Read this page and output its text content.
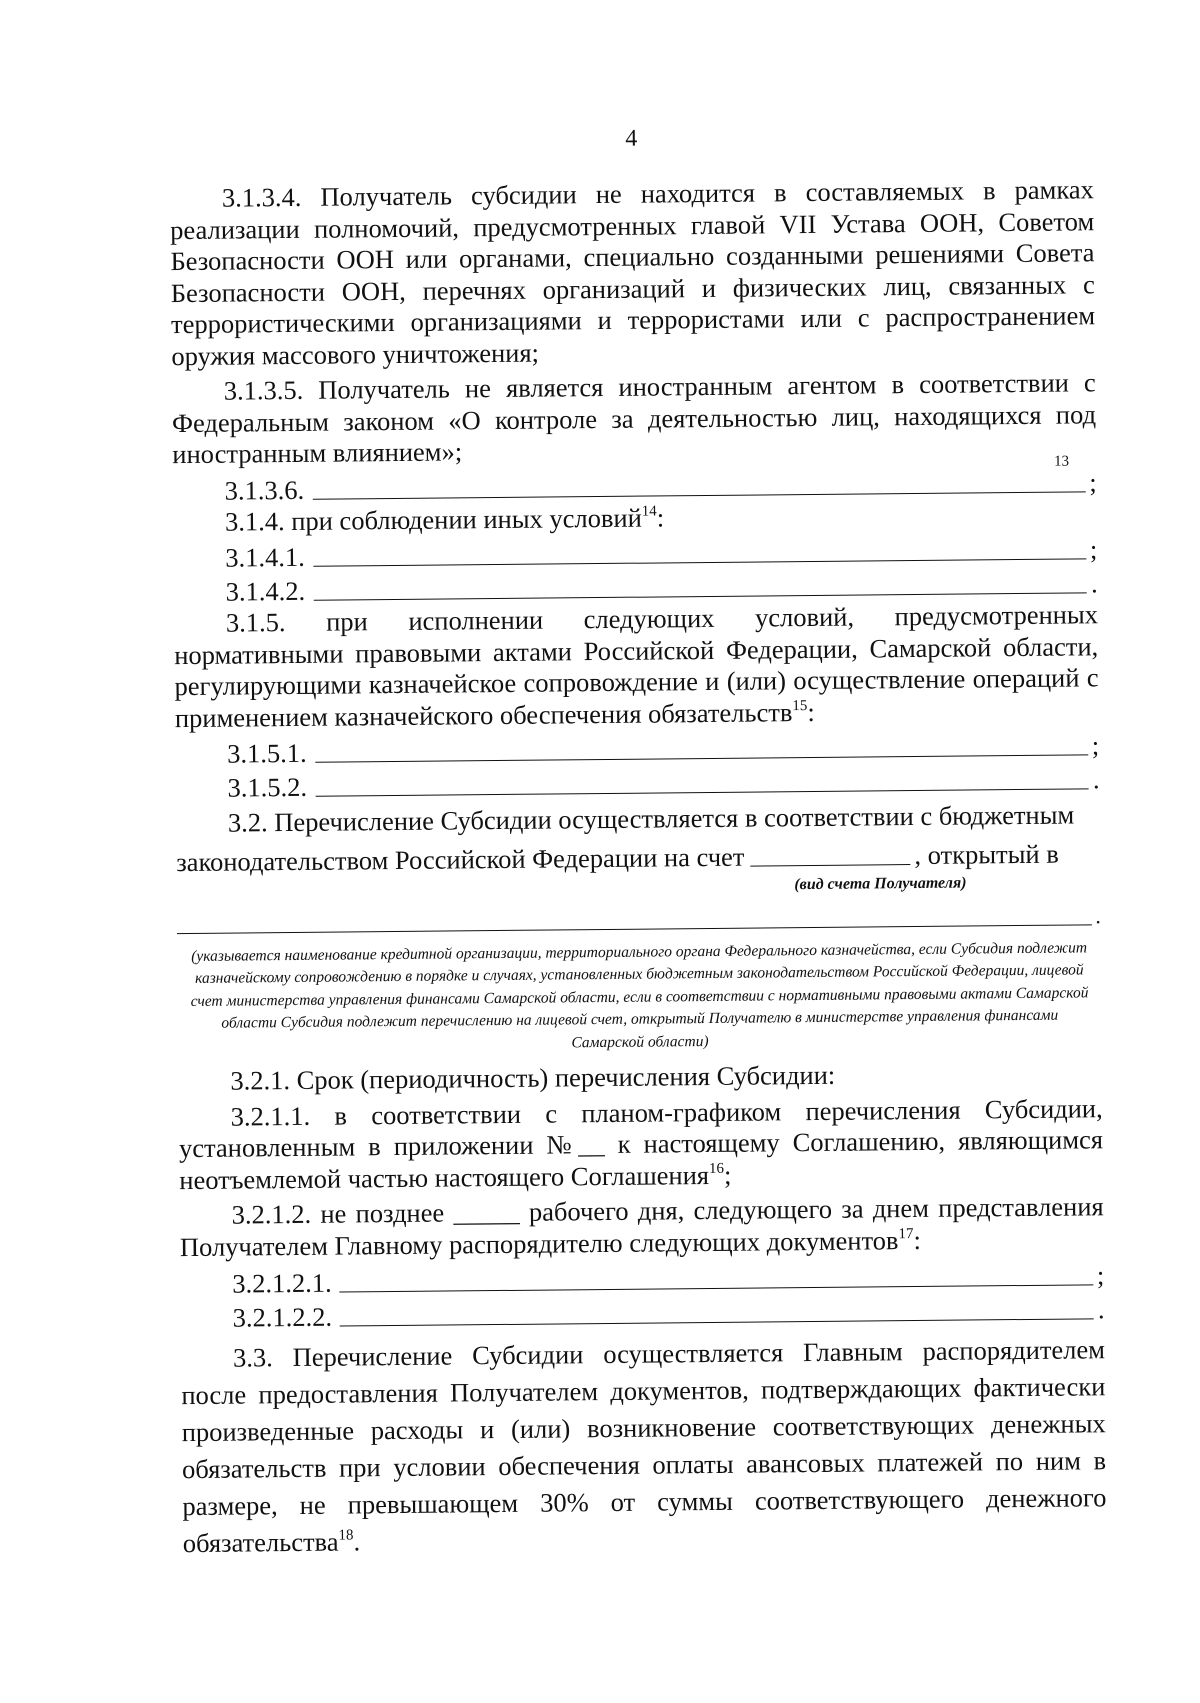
4

3.1.3.4. Получатель субсидии не находится в составляемых в рамках реализации полномочий, предусмотренных главой VII Устава ООН, Советом Безопасности ООН или органами, специально созданными решениями Совета Безопасности ООН, перечнях организаций и физических лиц, связанных с террористическими организациями и террористами или с распространением оружия массового уничтожения;

3.1.3.5. Получатель не является иностранным агентом в соответствии с Федеральным законом «О контроле за деятельностью лиц, находящихся под иностранным влиянием»;

3.1.3.6.
13
;

3.1.4. при соблюдении иных условий$^{14}$:

3.1.4.1.	;
3.1.4.2.	.

3.1.5. при исполнении следующих условий, предусмотренных нормативными правовыми актами Российской Федерации, Самарской области, регулирующими казначейское сопровождение и (или) осуществление операций с применением казначейского обеспечения обязательств$^{15}$:

3.1.5.1.	;
3.1.5.2.	.

3.2. Перечисление Субсидии осуществляется в соответствии с бюджетным

законодательством Российской Федерации на счет	, открытый в
(вид счета Получателя)
.
(указывается наименование кредитной организации, территориального органа Федерального казначейства, если Субсидия подлежит казначейскому сопровождению в порядке и случаях, установленных бюджетным законодательством Российской Федерации, лицевой счет министерства управления финансами Самарской области, если в соответствии с нормативными правовыми актами Самарской области Субсидия подлежит перечислению на лицевой счет, открытый Получателю в министерстве управления финансами Самарской области)

3.2.1. Срок (периодичность) перечисления Субсидии:

3.2.1.1. в соответствии с планом-графиком перечисления Субсидии, установленным в приложении №__ к настоящему Соглашению, являющимся неотъемлемой частью настоящего Соглашения$^{16}$;

3.2.1.2. не позднее _____ рабочего дня, следующего за днем представления Получателем Главному распорядителю следующих документов$^{17}$:

3.2.1.2.1.	;
3.2.1.2.2.	.

3.3. Перечисление Субсидии осуществляется Главным распорядителем после предоставления Получателем документов, подтверждающих фактически произведенные расходы и (или) возникновение соответствующих денежных обязательств при условии обеспечения оплаты авансовых платежей по ним в размере, не превышающем 30% от суммы соответствующего денежного обязательства$^{18}$.
